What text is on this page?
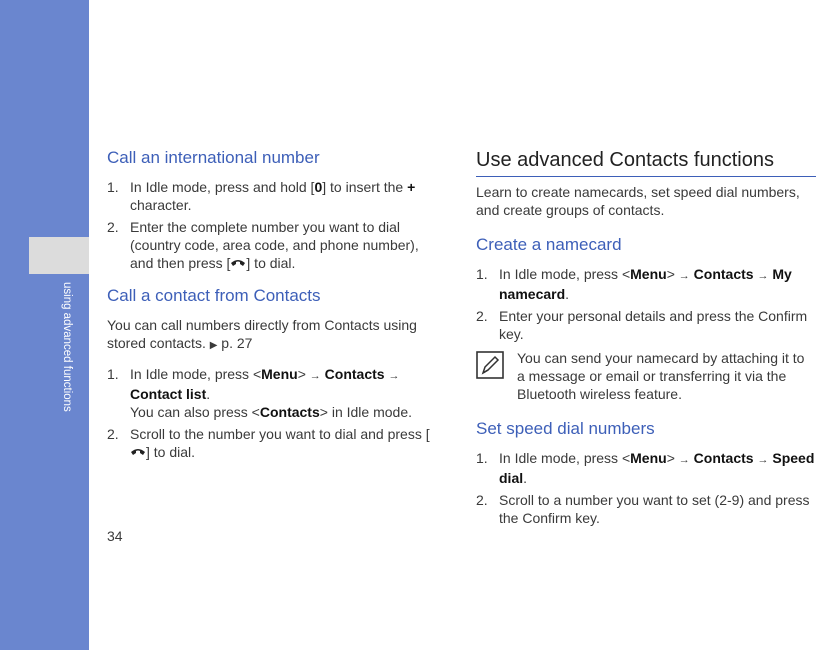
using advanced functions
Call an international number
1. In Idle mode, press and hold [0] to insert the + character.
2. Enter the complete number you want to dial (country code, area code, and phone number), and then press [ ] to dial.
Call a contact from Contacts

You can call numbers directly from Contacts using stored contacts. ▶ p. 27

1. In Idle mode, press <Menu> → Contacts → Contact list.
You can also press <Contacts> in Idle mode.
2. Scroll to the number you want to dial and press [] to dial.
Use advanced Contacts functions

Learn to create namecards, set speed dial numbers, and create groups of contacts.

Create a namecard
1. In Idle mode, press <Menu> → Contacts → My namecard.
2. Enter your personal details and press the Confirm key.

You can send your namecard by attaching it to a message or email or transferring it via the Bluetooth wireless feature.

Set speed dial numbers
1. In Idle mode, press <Menu> → Contacts → Speed dial.
2. Scroll to a number you want to set (2-9) and press the Confirm key.
34
